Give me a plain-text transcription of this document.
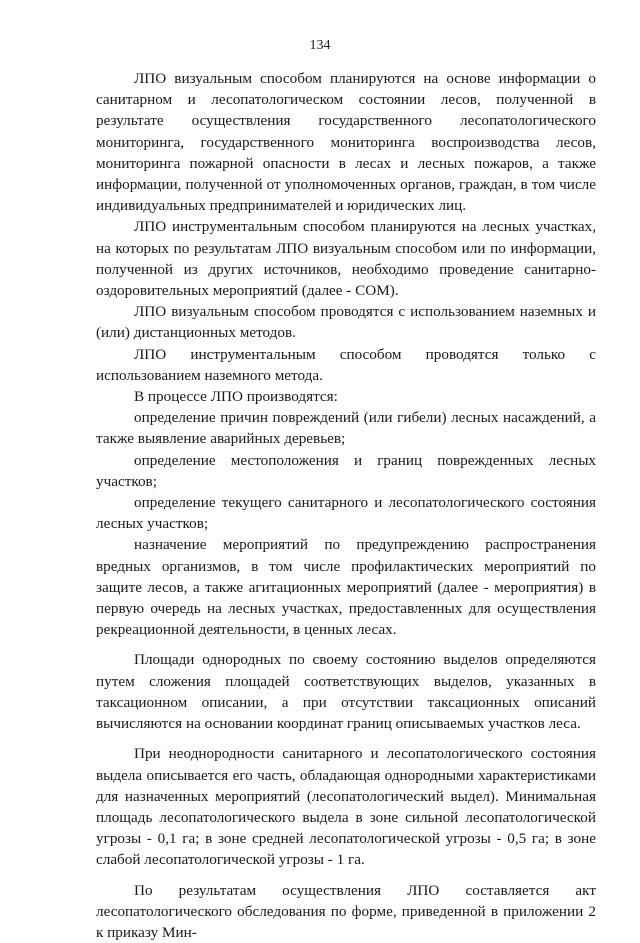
134

ЛПО визуальным способом планируются на основе информации о санитарном и лесопатологическом состоянии лесов, полученной в результате осуществления государственного лесопатологического мониторинга, государственного мониторинга воспроизводства лесов, мониторинга пожарной опасности в лесах и лесных пожаров, а также информации, полученной от уполномоченных органов, граждан, в том числе индивидуальных предпринимателей и юридических лиц.

ЛПО инструментальным способом планируются на лесных участках, на которых по результатам ЛПО визуальным способом или по информации, полученной из других источников, необходимо проведение санитарно-оздоровительных мероприятий (далее - СОМ).

ЛПО визуальным способом проводятся с использованием наземных и (или) дистанционных методов.

ЛПО инструментальным способом проводятся только с использованием наземного метода.

В процессе ЛПО производятся:

определение причин повреждений (или гибели) лесных насаждений, а также выявление аварийных деревьев;

определение местоположения и границ поврежденных лесных участков;

определение текущего санитарного и лесопатологического состояния лесных участков;

назначение мероприятий по предупреждению распространения вредных организмов, в том числе профилактических мероприятий по защите лесов, а также агитационных мероприятий (далее - мероприятия) в первую очередь на лесных участках, предоставленных для осуществления рекреационной деятельности, в ценных лесах.

Площади однородных по своему состоянию выделов определяются путем сложения площадей соответствующих выделов, указанных в таксационном описании, а при отсутствии таксационных описаний вычисляются на основании координат границ описываемых участков леса.

При неоднородности санитарного и лесопатологического состояния выдела описывается его часть, обладающая однородными характеристиками для назначенных мероприятий (лесопатологический выдел). Минимальная площадь лесопатологического выдела в зоне сильной лесопатологической угрозы - 0,1 га; в зоне средней лесопатологической угрозы - 0,5 га; в зоне слабой лесопатологической угрозы - 1 га.

По результатам осуществления ЛПО составляется акт лесопатологического обследования по форме, приведенной в приложении 2 к приказу Мин-
